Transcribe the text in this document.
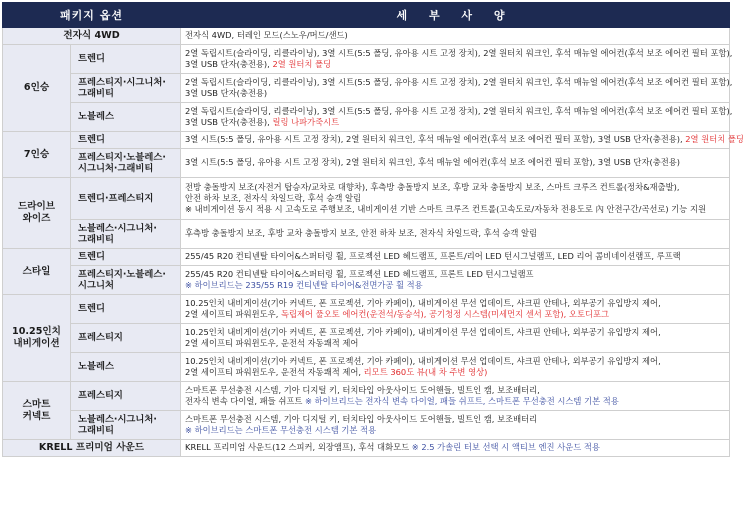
패키지 옵션		세 부 사 양
전자식 4WD		전자식 4WD, 터레인 모드(스노우/머드/샌드)

6인승	트렌디	2열 독립시트(슬라이딩, 리클라이닝), 3열 시트(5:5 폴딩, 유아용 시트 고정 장치), 2열 원터치 워크인, 후석 매뉴얼 에어컨(후석 보조 에어컨 필터 포함),
3열 USB 단자(충전용), 2열 원터치 폴딩

	프레스티지·시그니처·
그래비티	2열 독립시트(슬라이딩, 리클라이닝), 3열 시트(5:5 폴딩, 유아용 시트 고정 장치), 2열 원터치 워크인, 후석 매뉴얼 에어컨(후석 보조 에어컨 필터 포함),
3열 USB 단자(충전용)

	노블레스	2열 독립시트(슬라이딩, 리클라이닝), 3열 시트(5:5 폴딩, 유아용 시트 고정 장치), 2열 원터치 워크인, 후석 매뉴얼 에어컨(후석 보조 에어컨 필터 포함),
3열 USB 단자(충전용), 릴링 나파가죽시트

7인승	트렌디	3열 시트(5:5 폴딩, 유아용 시트 고정 장치), 2열 원터치 워크인, 후석 매뉴얼 에어컨(후석 보조 에어컨 필터 포함), 3열 USB 단자(충전용), 2열 원터치 폴딩

	프레스티지·노블레스·
시그니처·그래비티	3열 시트(5:5 폴딩, 유아용 시트 고정 장치), 2열 원터치 워크인, 후석 매뉴얼 에어컨(후석 보조 에어컨 필터 포함), 3열 USB 단자(충전용)

드라이브
와이즈	트렌디·프레스티지	전방 충돌방지 보조(자전거 탑승자/교차로 대향차), 후측방 충돌방지 보조, 후방 교차 충돌방지 보조, 스마트 크루즈 컨트롤(정차&재출발),
안전 하차 보조, 전자식 차일드락, 후석 승객 알림
※ 내비게이션 동시 적용 시 고속도로 주행보조, 내비게이션 기반 스마트 크루즈 컨트롤(고속도로/자동차 전용도로 內 안전구간/곡선로) 기능 지원

	노블레스·시그니처·
그래비티	후측방 충돌방지 보조, 후방 교차 충돌방지 보조, 안전 하차 보조, 전자식 차일드락, 후석 승객 알림

스타일	트렌디	255/45 R20 컨티넨탈 타이어&스퍼터링 휠, 프로젝션 LED 헤드램프, 프론트/리어 LED 턴시그널램프, LED 리어 콤비네이션램프, 루프랙

	프레스티지·노블레스·
시그니처	255/45 R20 컨티넨탈 타이어&스퍼터링 휠, 프로젝션 LED 헤드램프, 프론트 LED 턴시그널램프
※ 하이브리드는 235/55 R19 컨티넨탈 타이어&전면가공 휠 적용

10.25인치
내비게이션	트렌디	10.25인치 내비게이션(기아 커넥트, 폰 프로젝션, 기아 카페이), 내비게이션 무선 업데이트, 샤크핀 안테나, 외부공기 유입방지 제어,
2열 세이프티 파워윈도우, 독립제어 풀오토 에어컨(운전석/동승석), 공기청정 시스템(미세먼지 센서 포함), 오토디포그

	프레스티지	10.25인치 내비게이션(기아 커넥트, 폰 프로젝션, 기아 카페이), 내비게이션 무선 업데이트, 샤크핀 안테나, 외부공기 유입방지 제어,
2열 세이프티 파워윈도우, 운전석 자동쾌적 제어

	노블레스	10.25인치 내비게이션(기아 커넥트, 폰 프로젝션, 기아 카페이), 내비게이션 무선 업데이트, 샤크핀 안테나, 외부공기 유입방지 제어,
2열 세이프티 파워윈도우, 운전석 자동쾌적 제어, 리모트 360도 뷰(내 차 주변 영상)

스마트
커넥트	프레스티지	스마트폰 무선충전 시스템, 기아 디지털 키, 터치타입 아웃사이드 도어핸들, 빌트인 캠, 보조배터리,
전자식 변속 다이얼, 패들 쉬프트 ※ 하이브리드는 전자식 변속 다이얼, 패들 쉬프트, 스마트폰 무선충전 시스템 기본 적용

	노블레스·시그니처·
그래비티	스마트폰 무선충전 시스템, 기아 디지털 키, 터치타입 아웃사이드 도어핸들, 빌트인 캠, 보조배터리
※ 하이브리드는 스마트폰 무선충전 시스템 기본 적용

KRELL 프리미엄 사운드		KRELL 프리미엄 사운드(12 스피커, 외장앰프), 후석 대화모드 ※ 2.5 가솔린 터보 선택 시 액티브 엔진 사운드 적용
